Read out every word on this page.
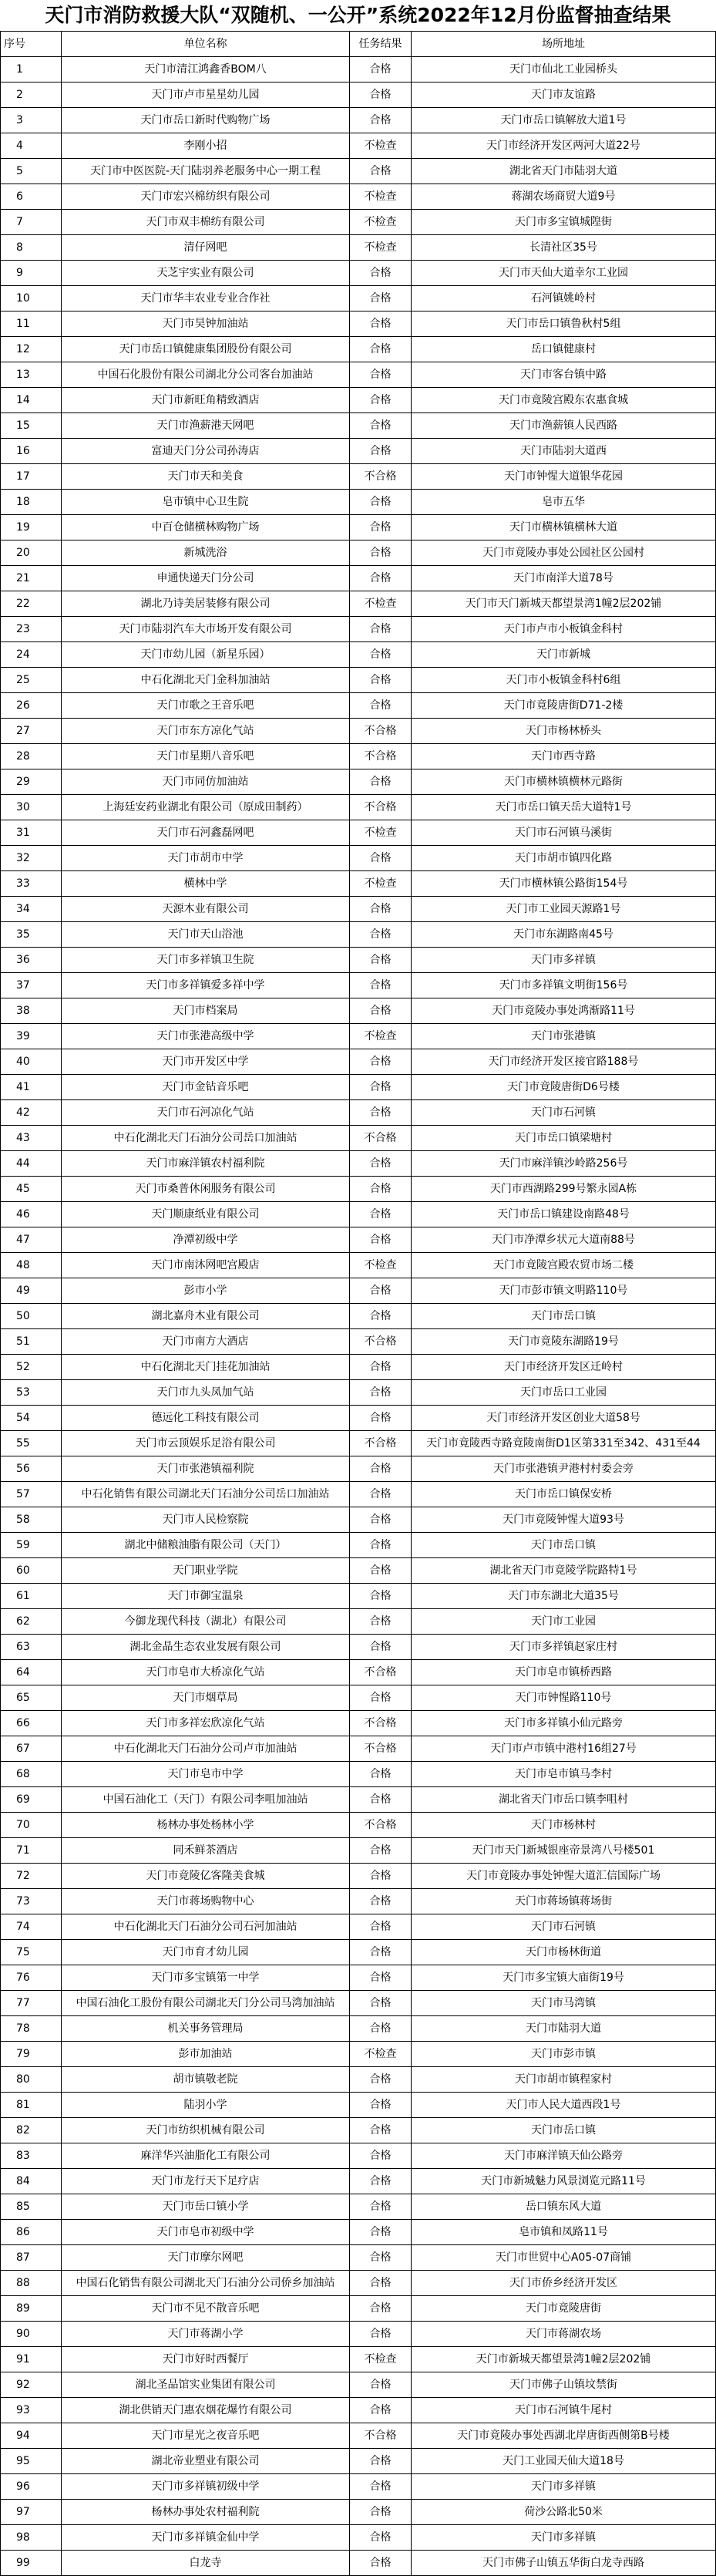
天门市消防救援大队“双随机、一公开”系统2022年12月份监督抽查结果
序号	单位名称	任务结果	场所地址
1	天门市清江鸿鑫香BOM八	合格	天门市仙北工业园桥头
2	天门市卢市星星幼儿园	合格	天门市友谊路
3	天门市岳口新时代购物广场	合格	天门市岳口镇解放大道1号
4	李刚小招	不检查	天门市经济开发区两河大道22号
5	天门市中医医院-天门陆羽养老服务中心一期工程	合格	湖北省天门市陆羽大道
6	天门市宏兴棉纺织有限公司	不检查	蒋湖农场商贸大道9号
7	天门市双丰棉纺有限公司	不检查	天门市多宝镇城隍街
8	清仔网吧	不检查	长清社区35号
9	天芝宇实业有限公司	合格	天门市天仙大道幸尔工业园
10	天门市华丰农业专业合作社	合格	石河镇姚岭村
11	天门市昊钟加油站	合格	天门市岳口镇鲁秋村5组
12	天门市岳口镇健康集团股份有限公司	合格	岳口镇健康村
13	中国石化股份有限公司湖北分公司客台加油站	合格	天门市客台镇中路
14	天门市新旺角精致酒店	合格	天门市竟陵宫殿东农惠食城
15	天门市渔薪港天网吧	合格	天门市渔薪镇人民西路
16	富迪天门分公司孙涛店	合格	天门市陆羽大道西
17	天门市天和美食	不合格	天门市钟惺大道银华花园
18	皂市镇中心卫生院	合格	皂市五华
19	中百仓储横林购物广场	合格	天门市横林镇横林大道
20	新城洗浴	合格	天门市竟陵办事处公园社区公园村
21	申通快递天门分公司	合格	天门市南洋大道78号
22	湖北乃诗美居装修有限公司	不检查	天门市天门新城天都望景湾1幢2层202铺
23	天门市陆羽汽车大市场开发有限公司	合格	天门市卢市小板镇金科村
24	天门市幼儿园（新星乐园）	合格	天门市新城
25	中石化湖北天门金科加油站	合格	天门市小板镇金科村6组
26	天门市歌之王音乐吧	合格	天门市竟陵唐街D71-2楼
27	天门市东方凉化气站	不合格	天门市杨林桥头
28	天门市星期八音乐吧	不合格	天门市西寺路
29	天门市同仿加油站	合格	天门市横林镇横林元路街
30	上海廷安药业湖北有限公司（原成田制药）	不合格	天门市岳口镇天岳大道特1号
31	天门市石河鑫磊网吧	不检查	天门市石河镇马溪街
32	天门市胡市中学	合格	天门市胡市镇四化路
33	横林中学	不检查	天门市横林镇公路街154号
34	天源木业有限公司	合格	天门市工业园天源路1号
35	天门市天山浴池	合格	天门市东湖路南45号
36	天门市多祥镇卫生院	合格	天门市多祥镇
37	天门市多祥镇爱多祥中学	合格	天门市多祥镇文明街156号
38	天门市档案局	合格	天门市竟陵办事处鸿渐路11号
39	天门市张港高级中学	不检查	天门市张港镇
40	天门市开发区中学	合格	天门市经济开发区接官路188号
41	天门市金钻音乐吧	合格	天门市竟陵唐街D6号楼
42	天门市石河凉化气站	合格	天门市石河镇
43	中石化湖北天门石油分公司岳口加油站	不合格	天门市岳口镇梁塘村
44	天门市麻洋镇农村福利院	合格	天门市麻洋镇沙岭路256号
45	天门市桑普休闲服务有限公司	合格	天门市西湖路299号繁永园A栋
46	天门顺康纸业有限公司	合格	天门市岳口镇建设南路48号
47	净潭初级中学	合格	天门市净潭乡状元大道南88号
48	天门市南沐网吧宫殿店	不检查	天门市竟陵宫殿农贸市场二楼
49	彭市小学	合格	天门市彭市镇文明路110号
50	湖北嘉舟木业有限公司	合格	天门市岳口镇
51	天门市南方大酒店	不合格	天门市竟陵东湖路19号
52	中石化湖北天门挂花加油站	合格	天门市经济开发区迁岭村
53	天门市九头凤加气站	合格	天门市岳口工业园
54	德远化工科技有限公司	合格	天门市经济开发区创业大道58号
55	天门市云顶娱乐足浴有限公司	不合格	天门市竟陵西寺路竟陵南街D1区第331至342、431至44
56	天门市张港镇福利院	合格	天门市张港镇尹港村村委会旁
57	中石化销售有限公司湖北天门石油分公司岳口加油站	合格	天门市岳口镇保安桥
58	天门市人民检察院	合格	天门市竟陵钟惺大道93号
59	湖北中储粮油脂有限公司（天门）	合格	天门市岳口镇
60	天门职业学院	合格	湖北省天门市竟陵学院路特1号
61	天门市御宝温泉	合格	天门市东湖北大道35号
62	今御龙现代科技（湖北）有限公司	合格	天门市工业园
63	湖北金晶生态农业发展有限公司	合格	天门市多祥镇赵家庄村
64	天门市皂市大桥凉化气站	不合格	天门市皂市镇桥西路
65	天门市烟草局	合格	天门市钟惺路110号
66	天门市多祥宏欣凉化气站	不合格	天门市多祥镇小仙元路旁
67	中石化湖北天门石油分公司卢市加油站	不合格	天门市卢市镇中港村16组27号
68	天门市皂市中学	合格	天门市皂市镇马李村
69	中国石油化工（天门）有限公司李咀加油站	合格	湖北省天门市岳口镇李咀村
70	杨林办事处杨林小学	不合格	天门市杨林村
71	同禾鲜茶酒店	合格	天门市天门新城银座帝景湾八号楼501
72	天门市竟陵亿客隆美食城	合格	天门市竟陵办事处钟惺大道汇信国际广场
73	天门市蒋场购物中心	合格	天门市蒋场镇蒋场街
74	中石化湖北天门石油分公司石河加油站	合格	天门市石河镇
75	天门市育才幼儿园	合格	天门市杨林街道
76	天门市多宝镇第一中学	合格	天门市多宝镇大庙街19号
77	中国石油化工股份有限公司湖北天门分公司马湾加油站	合格	天门市马湾镇
78	机关事务管理局	合格	天门市陆羽大道
79	彭市加油站	不检查	天门市彭市镇
80	胡市镇敬老院	合格	天门市胡市镇程家村
81	陆羽小学	合格	天门市人民大道西段1号
82	天门市纺织机械有限公司	合格	天门市岳口镇
83	麻洋华兴油脂化工有限公司	合格	天门市麻洋镇天仙公路旁
84	天门市龙行天下足疗店	合格	天门市新城魅力风景浏览元路11号
85	天门市岳口镇小学	合格	岳口镇东风大道
86	天门市皂市初级中学	合格	皂市镇和凤路11号
87	天门市摩尔网吧	合格	天门市世贸中心A05-07商铺
88	中国石化销售有限公司湖北天门石油分公司侨乡加油站	合格	天门市侨乡经济开发区
89	天门市不见不散音乐吧	合格	天门市竟陵唐街
90	天门市蒋湖小学	合格	天门市蒋湖农场
91	天门市好时西餐厅	不检查	天门市新城天都望景湾1幢2层202铺
92	湖北圣品馆实业集团有限公司	合格	天门市佛子山镇坟禁街
93	湖北供销天门惠农烟花爆竹有限公司	合格	天门市石河镇牛尾村
94	天门市星光之夜音乐吧	不合格	天门市竟陵办事处西湖北岸唐街西侧第B号楼
95	湖北帝业塑业有限公司	合格	天门工业园天仙大道18号
96	天门市多祥镇初级中学	合格	天门市多祥镇
97	杨林办事处农村福利院	合格	荷沙公路北50米
98	天门市多祥镇金仙中学	合格	天门市多祥镇
99	白龙寺	合格	天门市佛子山镇五华街白龙寺西路
